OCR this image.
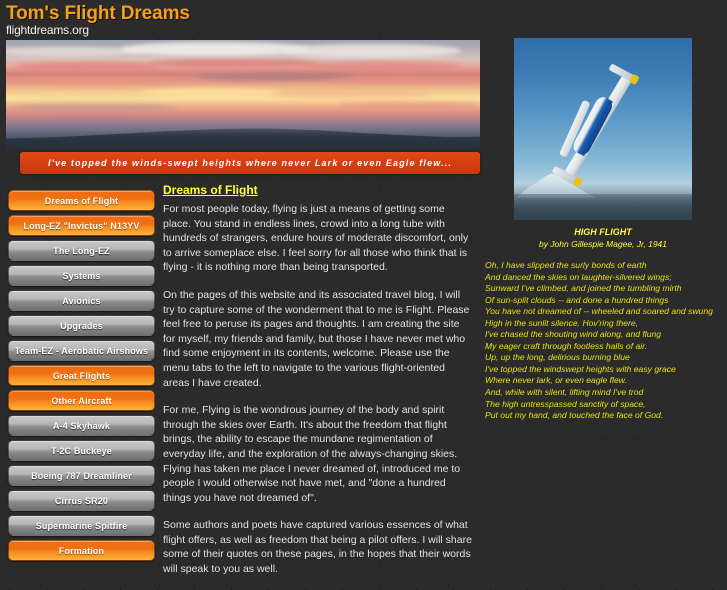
Tom's Flight Dreams
flightdreams.org
I've topped the winds-swept heights where never Lark or even Eagle flew...
Dreams of Flight
Long-EZ "Invictus" N13YV
The Long-EZ
Systems
Avionics
Upgrades
Team-EZ - Aerobatic Airshows
Great Flights
Other Aircraft
A-4 Skyhawk
T-2C Buckeye
Boeing 787 Dreamliner
Cirrus SR20
Supermarine Spitfire
Formation
Dreams of Flight

For most people today, flying is just a means of getting some place. You stand in endless lines, crowd into a long tube with hundreds of strangers, endure hours of moderate discomfort, only to arrive someplace else. I feel sorry for all those who think that is flying - it is nothing more than being transported.

On the pages of this website and its associated travel blog, I will try to capture some of the wonderment that to me is Flight. Please feel free to peruse its pages and thoughts. I am creating the site for myself, my friends and family, but those I have never met who find some enjoyment in its contents, welcome. Please use the menu tabs to the left to navigate to the various flight-oriented areas I have created.

For me, Flying is the wondrous journey of the body and spirit through the skies over Earth. It's about the freedom that flight brings, the ability to escape the mundane regimentation of everyday life, and the exploration of the always-changing skies. Flying has taken me place I never dreamed of, introduced me to people I would otherwise not have met, and "done a hundred things you have not dreamed of".

Some authors and poets have captured various essences of what flight offers, as well as freedom that being a pilot offers. I will share some of their quotes on these pages, in the hopes that their words will speak to you as well.

HIGH FLIGHT
by John Gillespie Magee, Jr, 1941
Oh, I have slipped the surly bonds of earth
And danced the skies on laughter-silvered wings;
Sunward I've climbed, and joined the tumbling mirth
Of sun-split clouds -- and done a hundred things
You have not dreamed of -- wheeled and soared and swung
High in the sunlit silence. Hov'ring there,
I've chased the shouting wind along, and flung
My eager craft through footless halls of air.
Up, up the long, delirious burning blue
I've topped the windswept heights with easy grace
Where never lark, or even eagle flew.
And, while with silent, lifting mind I've trod
The high untresspassed sanctity of space,
Put out my hand, and touched the face of God.
